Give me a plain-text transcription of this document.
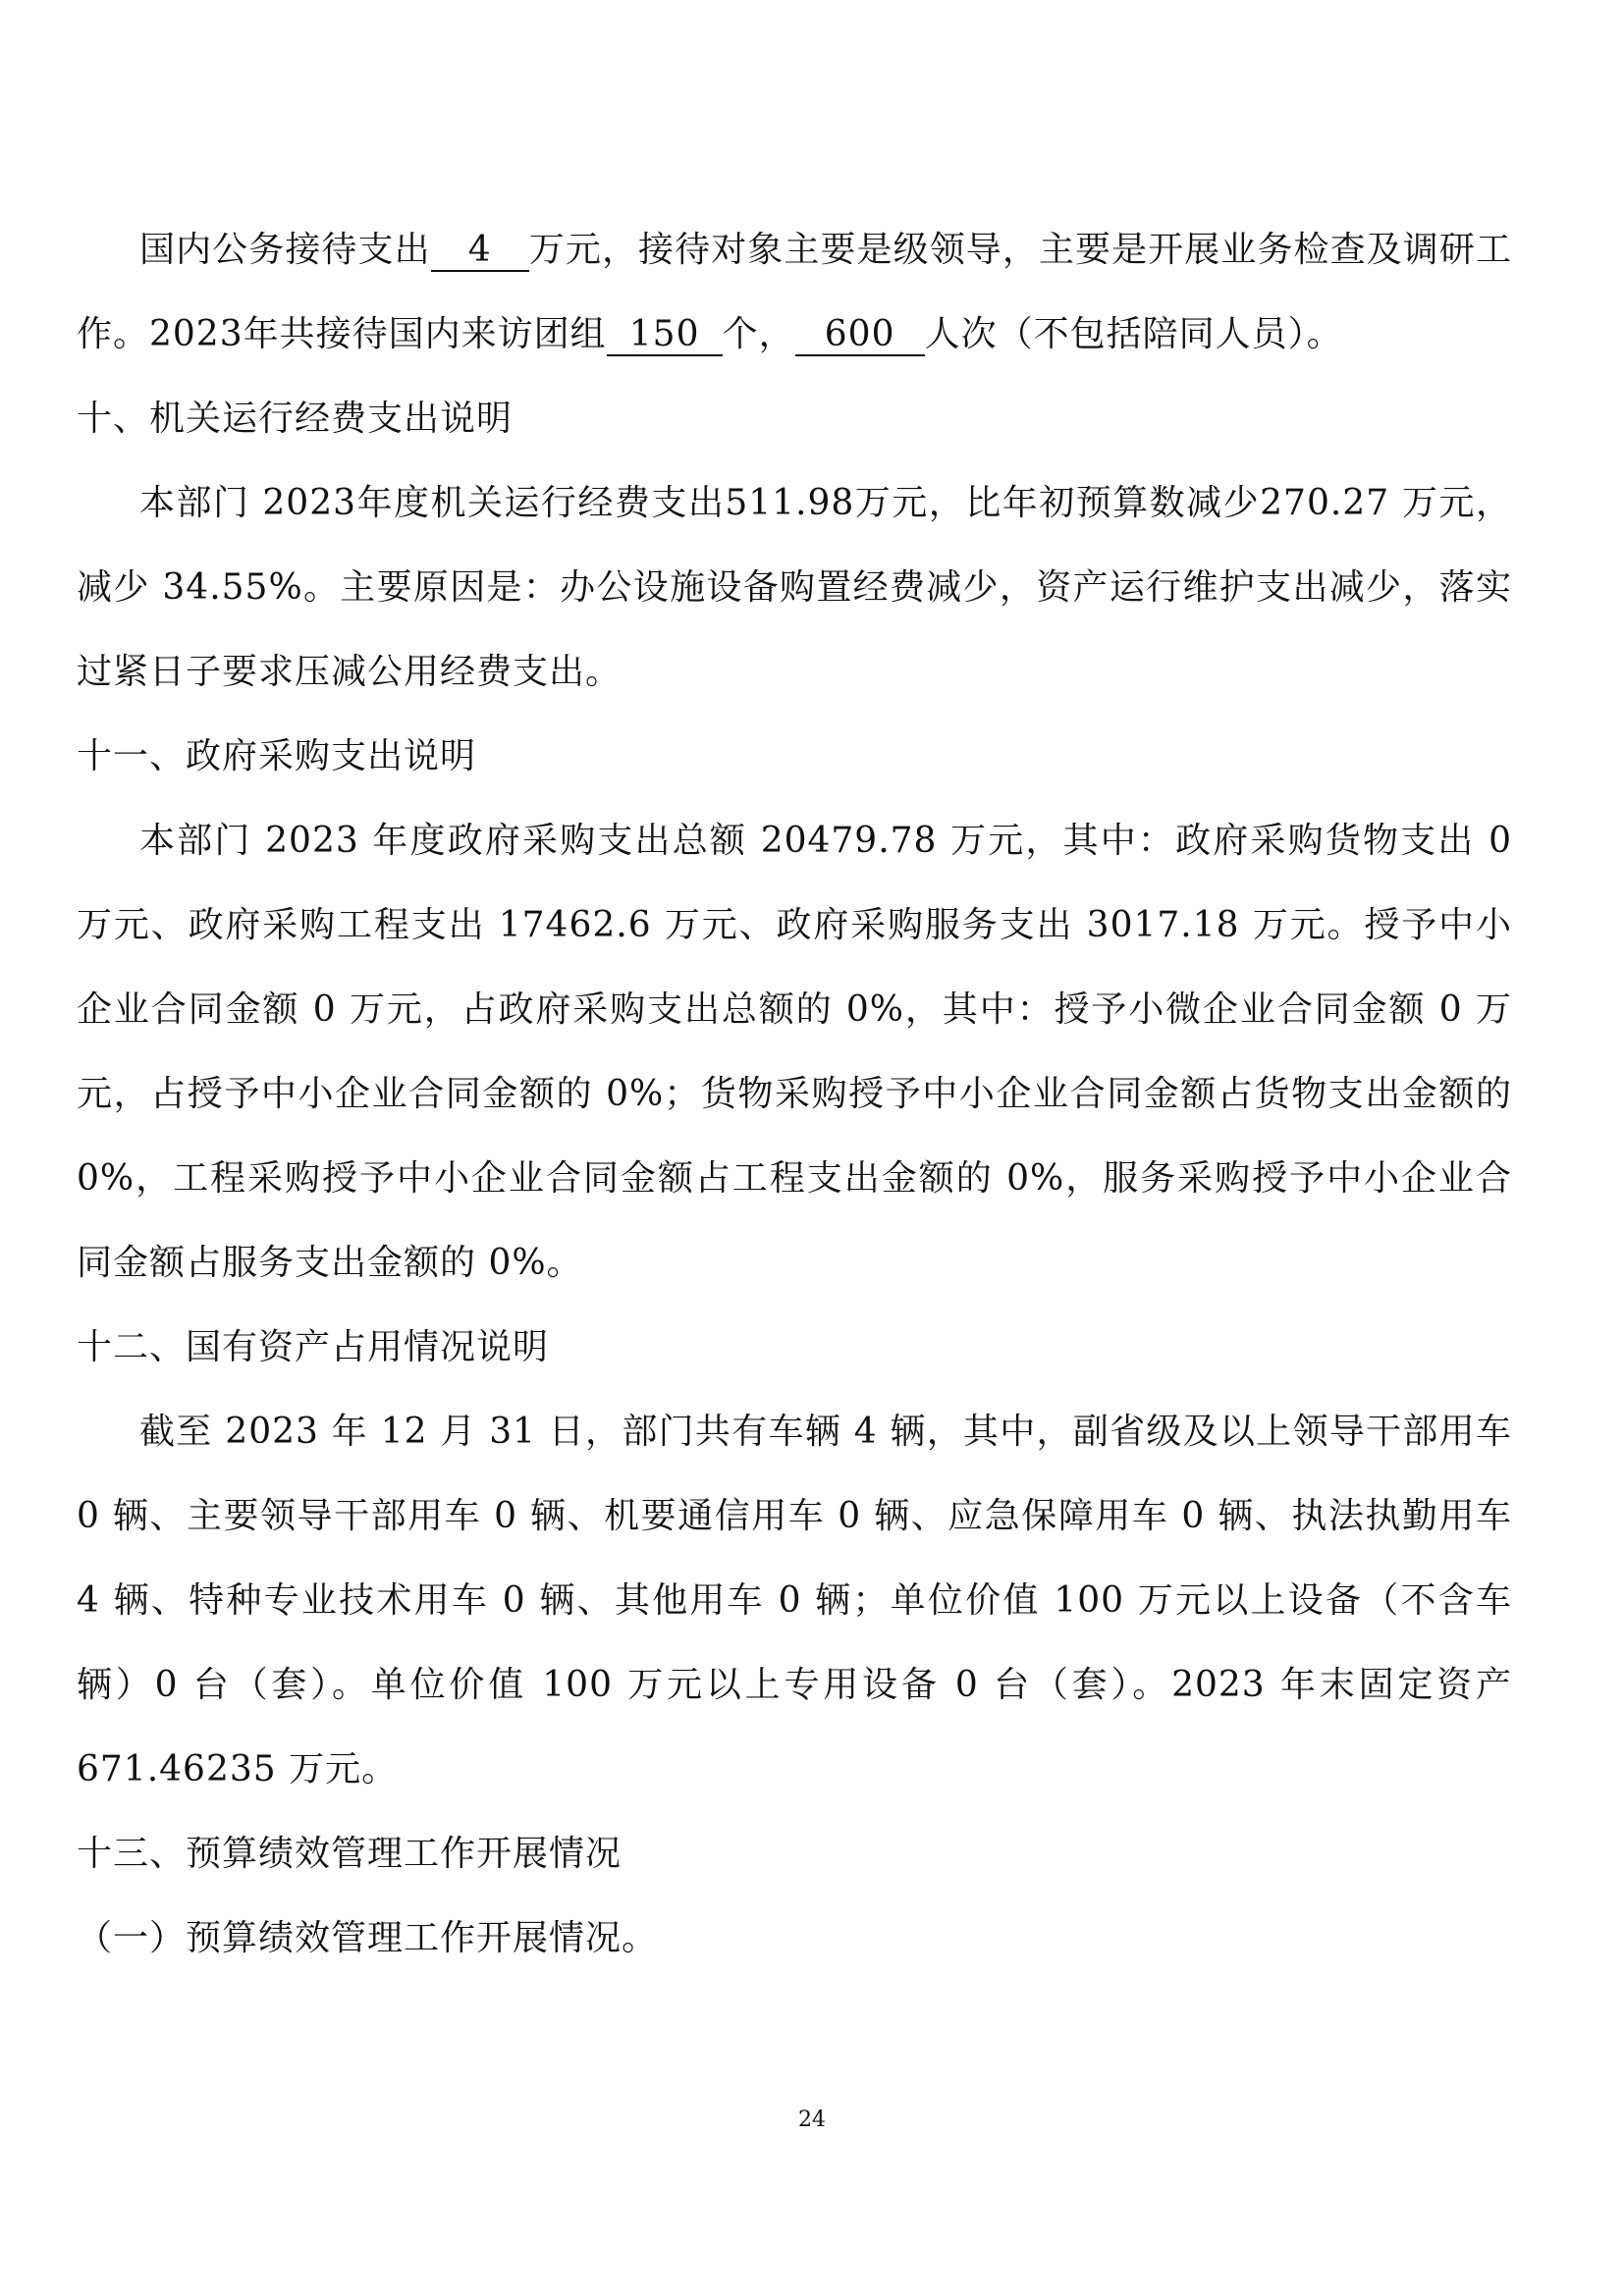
国内公务接待支出 4 万元，接待对象主要是级领导，主要是开展业务检查及调研工作。2023年共接待国内来访团组 150 个， 600 人次（不包括陪同人员）。

十、机关运行经费支出说明

本部门 2023年度机关运行经费支出511.98万元，比年初预算数减少270.27 万元，减少 34.55%。主要原因是：办公设施设备购置经费减少，资产运行维护支出减少，落实过紧日子要求压减公用经费支出。

十一、政府采购支出说明

本部门 2023 年度政府采购支出总额 20479.78 万元，其中：政府采购货物支出 0 万元、政府采购工程支出 17462.6 万元、政府采购服务支出 3017.18 万元。授予中小企业合同金额 0 万元，占政府采购支出总额的 0%，其中：授予小微企业合同金额 0 万元，占授予中小企业合同金额的 0%；货物采购授予中小企业合同金额占货物支出金额的 0%，工程采购授予中小企业合同金额占工程支出金额的 0%，服务采购授予中小企业合同金额占服务支出金额的 0%。

十二、国有资产占用情况说明

截至 2023 年 12 月 31 日，部门共有车辆 4 辆，其中，副省级及以上领导干部用车 0 辆、主要领导干部用车 0 辆、机要通信用车 0 辆、应急保障用车 0 辆、执法执勤用车 4 辆、特种专业技术用车 0 辆、其他用车 0 辆；单位价值 100 万元以上设备（不含车辆）0 台（套）。单位价值 100 万元以上专用设备 0 台（套）。2023 年末固定资产 671.46235 万元。

十三、预算绩效管理工作开展情况

（一）预算绩效管理工作开展情况。

24
